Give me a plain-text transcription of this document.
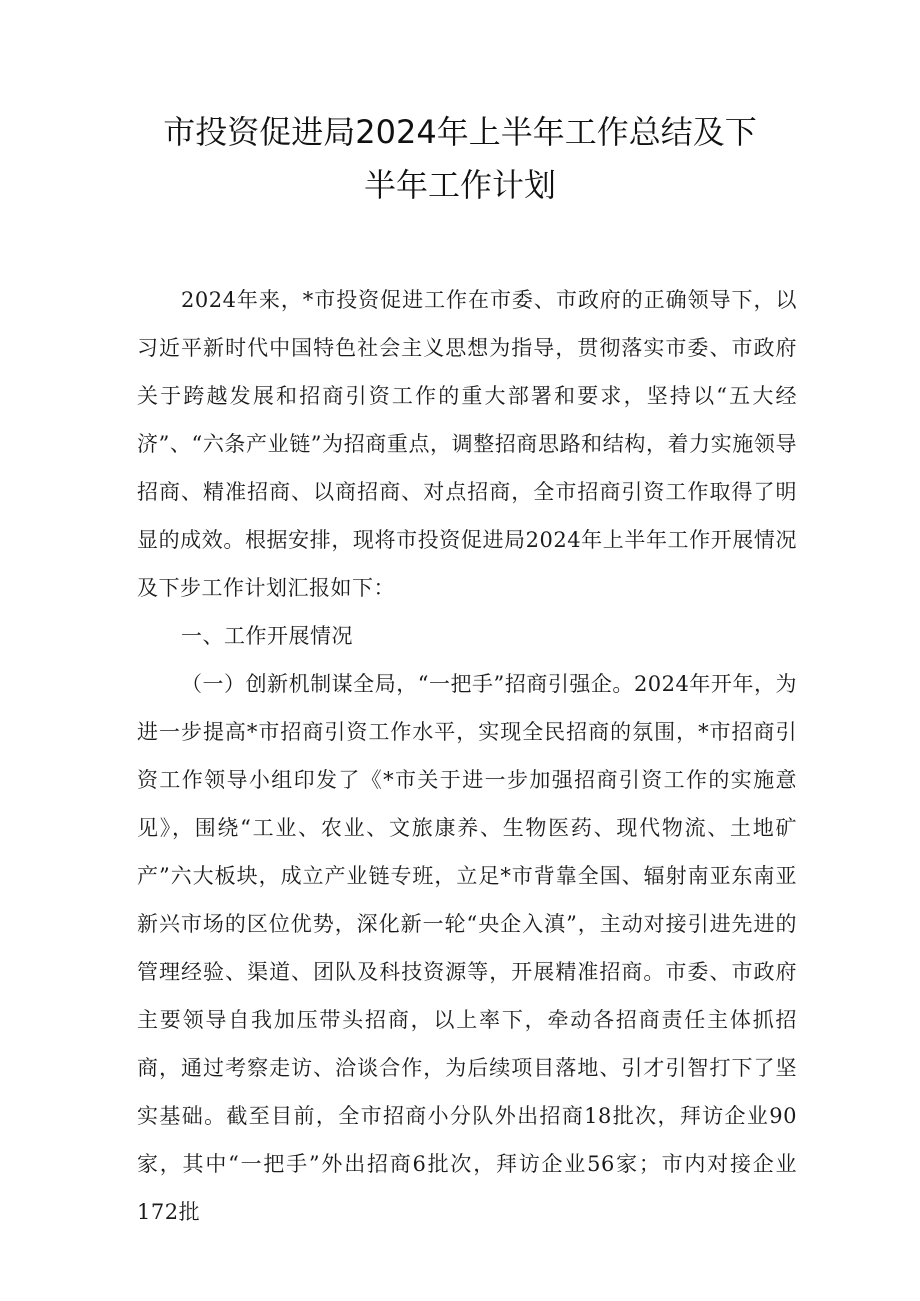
市投资促进局2024年上半年工作总结及下
半年工作计划

2024年来，*市投资促进工作在市委、市政府的正确领导下，以习近平新时代中国特色社会主义思想为指导，贯彻落实市委、市政府关于跨越发展和招商引资工作的重大部署和要求，坚持以“五大经济”、“六条产业链”为招商重点，调整招商思路和结构，着力实施领导招商、精准招商、以商招商、对点招商，全市招商引资工作取得了明显的成效。根据安排，现将市投资促进局2024年上半年工作开展情况及下步工作计划汇报如下：

一、工作开展情况

（一）创新机制谋全局，“一把手”招商引强企。2024年开年，为进一步提高*市招商引资工作水平，实现全民招商的氛围，*市招商引资工作领导小组印发了《*市关于进一步加强招商引资工作的实施意见》，围绕“工业、农业、文旅康养、生物医药、现代物流、土地矿产”六大板块，成立产业链专班，立足*市背靠全国、辐射南亚东南亚新兴市场的区位优势，深化新一轮“央企入滇”，主动对接引进先进的管理经验、渠道、团队及科技资源等，开展精准招商。市委、市政府主要领导自我加压带头招商，以上率下，牵动各招商责任主体抓招商，通过考察走访、洽谈合作，为后续项目落地、引才引智打下了坚实基础。截至目前，全市招商小分队外出招商18批次，拜访企业90家，其中“一把手”外出招商6批次，拜访企业56家；市内对接企业172批
